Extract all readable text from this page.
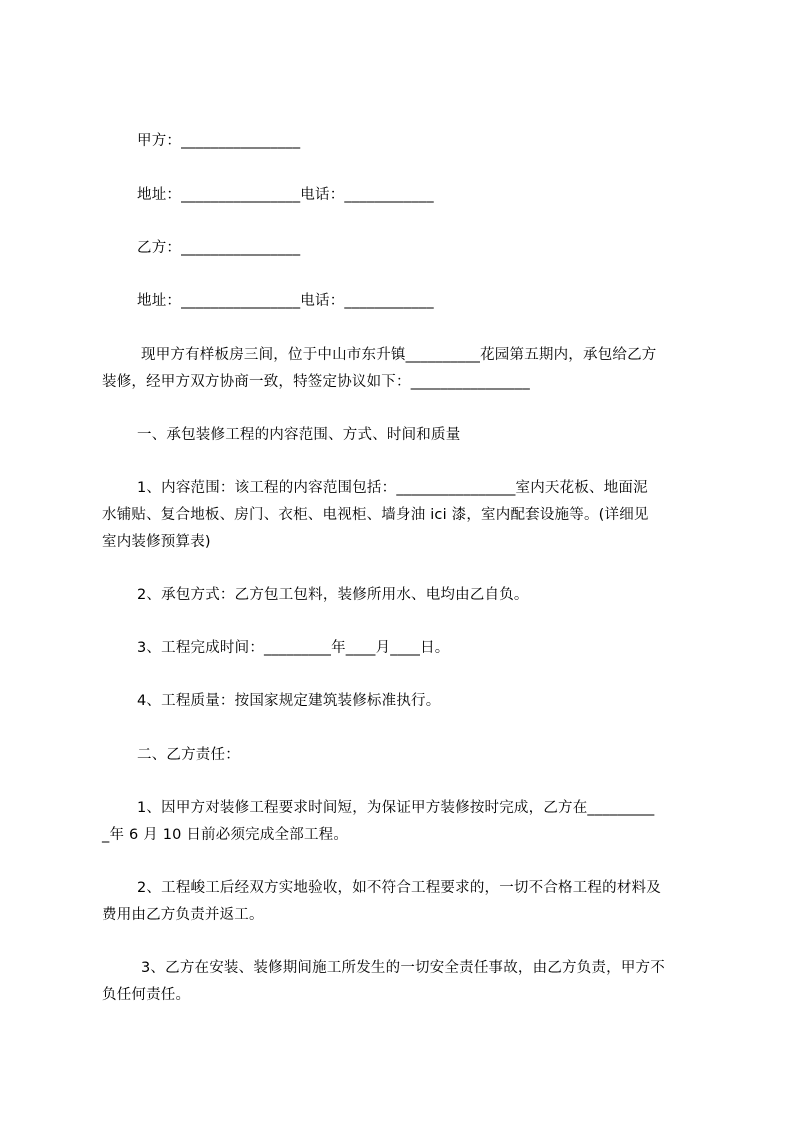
甲方：________________
地址：________________电话：____________
乙方：________________
地址：________________电话：____________
现甲方有样板房三间，位于中山市东升镇__________花园第五期内，承包给乙方
装修，经甲方双方协商一致，特签定协议如下：________________
一、承包装修工程的内容范围、方式、时间和质量
1、内容范围：该工程的内容范围包括：________________室内天花板、地面泥
水铺贴、复合地板、房门、衣柜、电视柜、墙身油 ici 漆，室内配套设施等。(详细见
室内装修预算表)
2、承包方式：乙方包工包料，装修所用水、电均由乙自负。
3、工程完成时间：_________年____月____日。
4、工程质量：按国家规定建筑装修标准执行。
二、乙方责任：
1、因甲方对装修工程要求时间短，为保证甲方装修按时完成，乙方在_________
_年 6 月 10 日前必须完成全部工程。
2、工程峻工后经双方实地验收，如不符合工程要求的，一切不合格工程的材料及
费用由乙方负责并返工。
3、乙方在安装、装修期间施工所发生的一切安全责任事故，由乙方负责，甲方不
负任何责任。
